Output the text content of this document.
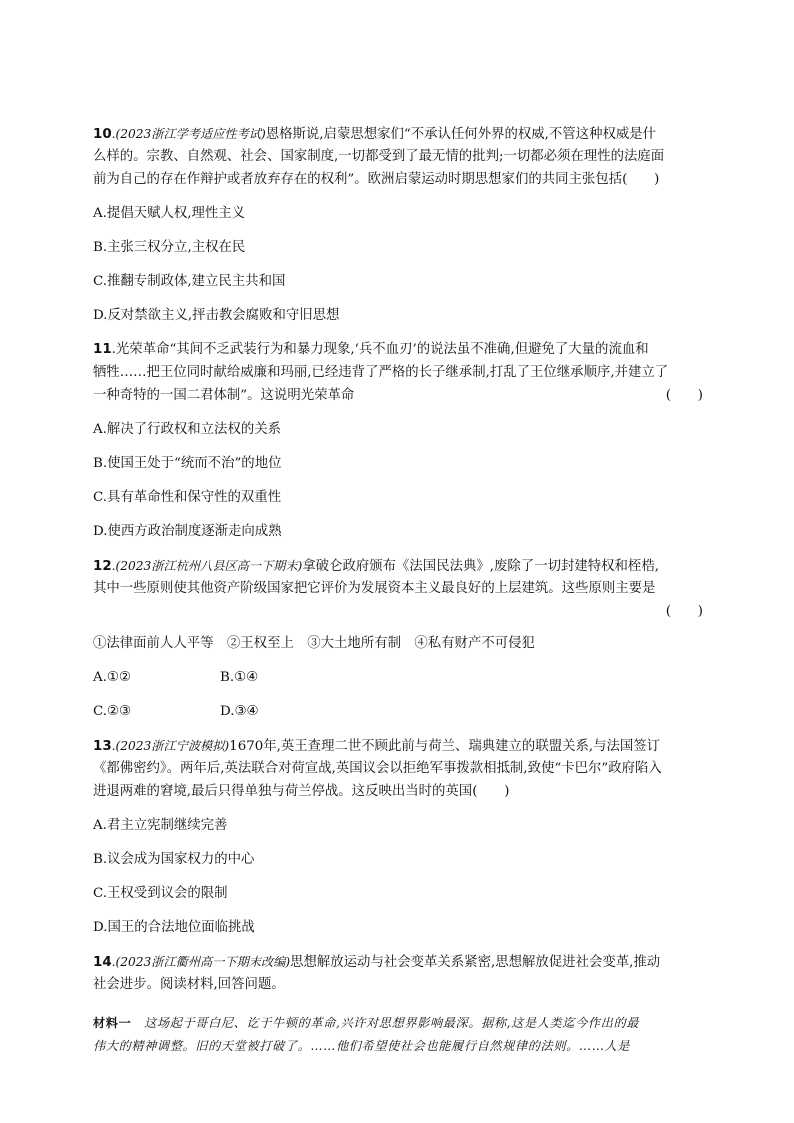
10.(2023浙江学考适应性考试)恩格斯说,启蒙思想家们“不承认任何外界的权威,不管这种权威是什
么样的。宗教、自然观、社会、国家制度,一切都受到了最无情的批判;一切都必须在理性的法庭面
前为自己的存在作辩护或者放弃存在的权利”。欧洲启蒙运动时期思想家们的共同主张包括(　　)
A.提倡天赋人权,理性主义
B.主张三权分立,主权在民
C.推翻专制政体,建立民主共和国
D.反对禁欲主义,抨击教会腐败和守旧思想
11.光荣革命“其间不乏武装行为和暴力现象,‘兵不血刃’的说法虽不准确,但避免了大量的流血和
牺牲……把王位同时献给威廉和玛丽,已经违背了严格的长子继承制,打乱了王位继承顺序,并建立了
一种奇特的一国二君体制”。这说明光荣革命	(　　)
A.解决了行政权和立法权的关系
B.使国王处于“统而不治”的地位
C.具有革命性和保守性的双重性
D.使西方政治制度逐渐走向成熟
12.(2023浙江杭州八县区高一下期末)拿破仑政府颁布《法国民法典》,废除了一切封建特权和桎梏,
其中一些原则使其他资产阶级国家把它评价为发展资本主义最良好的上层建筑。这些原则主要是
(　　)
①法律面前人人平等　②王权至上　③大土地所有制　④私有财产不可侵犯
A.①②	B.①④
C.②③	D.③④
13.(2023浙江宁波模拟)1670年,英王查理二世不顾此前与荷兰、瑞典建立的联盟关系,与法国签订
《都佛密约》。两年后,英法联合对荷宣战,英国议会以拒绝军事拨款相抵制,致使“卡巴尔”政府陷入
进退两难的窘境,最后只得单独与荷兰停战。这反映出当时的英国(　　)
A.君主立宪制继续完善
B.议会成为国家权力的中心
C.王权受到议会的限制
D.国王的合法地位面临挑战
14.(2023浙江衢州高一下期末改编)思想解放运动与社会变革关系紧密,思想解放促进社会变革,推动
社会进步。阅读材料,回答问题。
材料一　这场起于哥白尼、讫于牛顿的革命,兴许对思想界影响最深。据称,这是人类迄今作出的最
伟大的精神调整。旧的天堂被打破了。……他们希望使社会也能履行自然规律的法则。……人是
